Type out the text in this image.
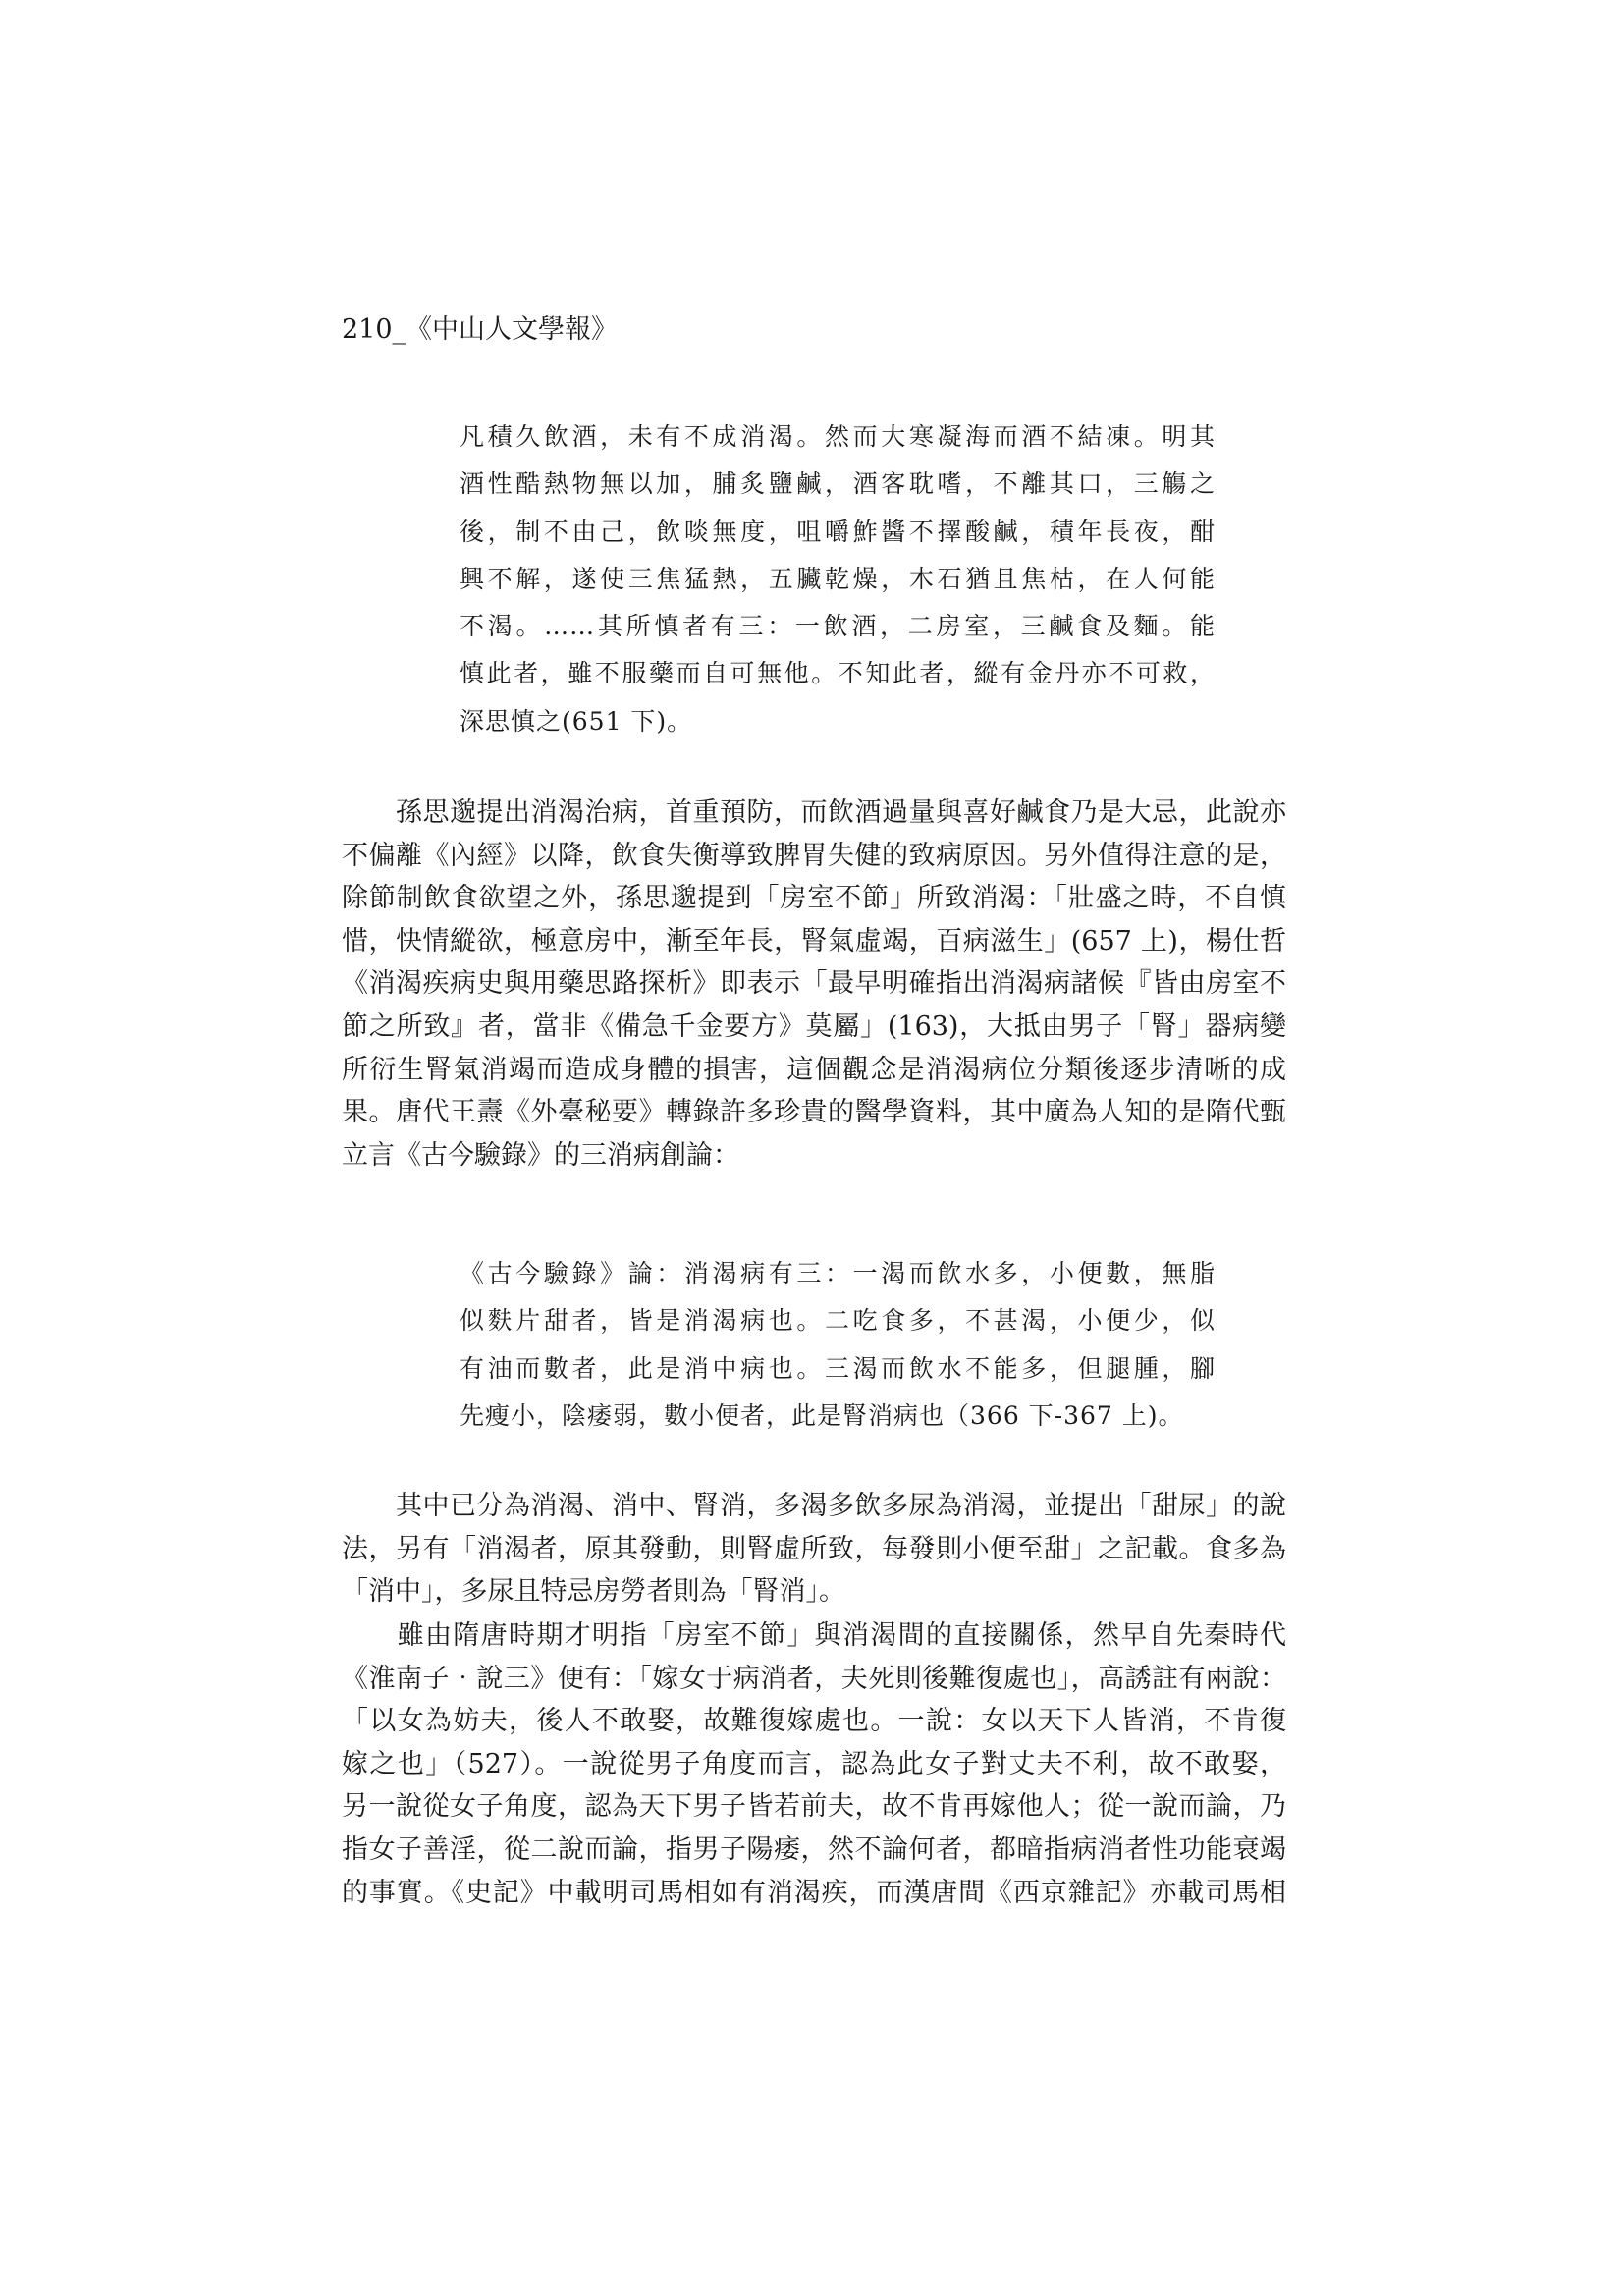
210_《中山人文學報》
凡積久飲酒，未有不成消渴。然而大寒凝海而酒不結凍。明其
酒性酷熱物無以加，脯炙鹽鹹，酒客耽嗜，不離其口，三觴之
後，制不由己，飲啖無度，咀嚼鮓醬不擇酸鹹，積年長夜，酣
興不解，遂使三焦猛熱，五臟乾燥，木石猶且焦枯，在人何能
不渴。……其所慎者有三：一飲酒，二房室，三鹹食及麵。能
慎此者，雖不服藥而自可無他。不知此者，縱有金丹亦不可救，
深思慎之(651 下)。
　　孫思邈提出消渴治病，首重預防，而飲酒過量與喜好鹹食乃是大忌，此說亦
不偏離《內經》以降，飲食失衡導致脾胃失健的致病原因。另外值得注意的是，
除節制飲食欲望之外，孫思邈提到「房室不節」所致消渴：「壯盛之時，不自慎
惜，快情縱欲，極意房中，漸至年長，腎氣虛竭，百病滋生」(657 上)，楊仕哲
《消渴疾病史與用藥思路探析》即表示「最早明確指出消渴病諸候『皆由房室不
節之所致』者，當非《備急千金要方》莫屬」(163)，大抵由男子「腎」器病變
所衍生腎氣消竭而造成身體的損害，這個觀念是消渴病位分類後逐步清晰的成
果。唐代王燾《外臺秘要》轉錄許多珍貴的醫學資料，其中廣為人知的是隋代甄
立言《古今驗錄》的三消病創論：
《古今驗錄》論：消渴病有三：一渴而飲水多，小便數，無脂
似麩片甜者，皆是消渴病也。二吃食多，不甚渴，小便少，似
有油而數者，此是消中病也。三渴而飲水不能多，但腿腫，腳
先瘦小，陰痿弱，數小便者，此是腎消病也（366 下-367 上)。
　　其中已分為消渴、消中、腎消，多渴多飲多尿為消渴，並提出「甜尿」的說
法，另有「消渴者，原其發動，則腎虛所致，每發則小便至甜」之記載。食多為
「消中」，多尿且特忌房勞者則為「腎消」。
　　雖由隋唐時期才明指「房室不節」與消渴間的直接關係，然早自先秦時代
《淮南子‧說三》便有：「嫁女于病消者，夫死則後難復處也」，高誘註有兩說：
「以女為妨夫，後人不敢娶，故難復嫁處也。一說：女以天下人皆消，不肯復
嫁之也」（527）。一說從男子角度而言，認為此女子對丈夫不利，故不敢娶，
另一說從女子角度，認為天下男子皆若前夫，故不肯再嫁他人；從一說而論，乃
指女子善淫，從二說而論，指男子陽痿，然不論何者，都暗指病消者性功能衰竭
的事實。《史記》中載明司馬相如有消渴疾，而漢唐間《西京雜記》亦載司馬相
